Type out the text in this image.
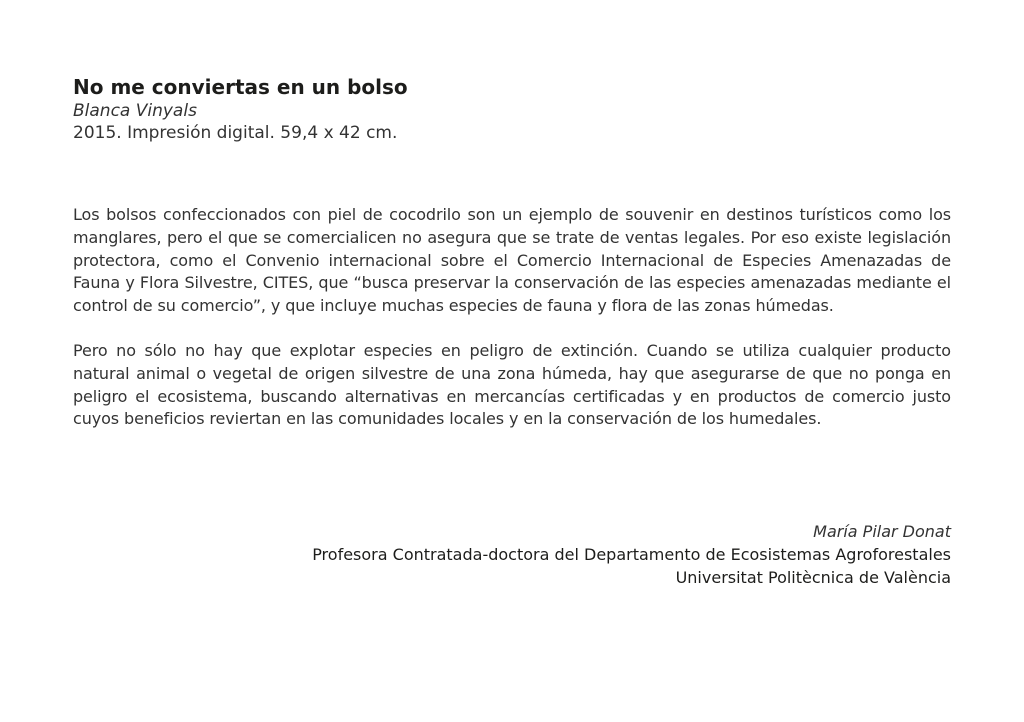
No me conviertas en un bolso

Blanca Vinyals

2015. Impresión digital. 59,4 x 42 cm.

Los bolsos confeccionados con piel de cocodrilo son un ejemplo de souvenir en destinos turísticos como los manglares, pero el que se comercialicen no asegura que se trate de ventas legales. Por eso existe legislación protectora, como el Convenio internacional sobre el Comercio Internacional de Especies Amenazadas de Fauna y Flora Silvestre, CITES, que “busca preservar la conservación de las especies amenazadas mediante el control de su comercio”, y que incluye muchas especies de fauna y flora de las zonas húmedas.

Pero no sólo no hay que explotar especies en peligro de extinción. Cuando se utiliza cualquier producto natural animal o vegetal de origen silvestre de una zona húmeda, hay que asegurarse de que no ponga en peligro el ecosistema, buscando alternativas en mercancías certificadas y en productos de comercio justo cuyos beneficios reviertan en las comunidades locales y en la conservación de los humedales.

María Pilar Donat

Profesora Contratada-doctora del Departamento de Ecosistemas Agroforestales

Universitat Politècnica de València
